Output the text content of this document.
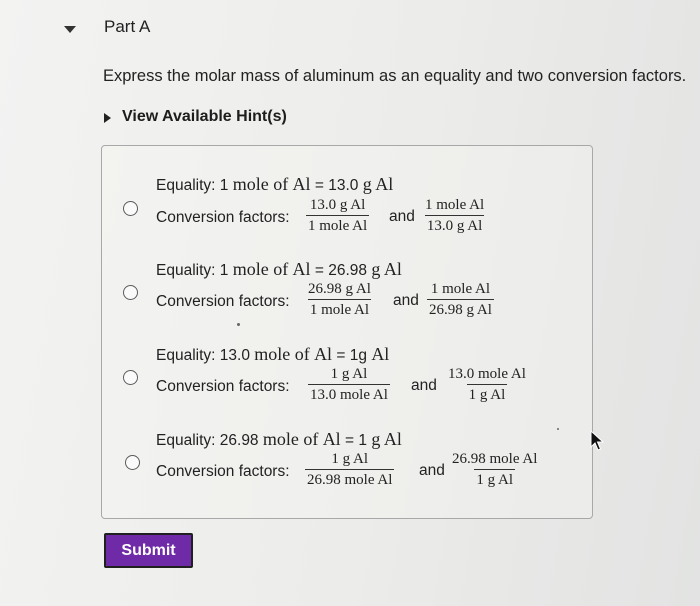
Part A
Express the molar mass of aluminum as an equality and two conversion factors.
View Available Hint(s)
Equality: 1 mole of Al = 13.0 g Al
Conversion factors:
13.0 g Al
1 mole Al
and
1 mole Al
13.0 g Al
Equality: 1 mole of Al = 26.98 g Al
Conversion factors:
26.98 g Al
1 mole Al
and
1 mole Al
26.98 g Al
Equality: 13.0 mole of Al = 1g Al
Conversion factors:
1 g Al
13.0 mole Al
and
13.0 mole Al
1 g Al
Equality: 26.98 mole of Al = 1 g Al
Conversion factors:
1 g Al
26.98 mole Al
and
26.98 mole Al
1 g Al
Submit
